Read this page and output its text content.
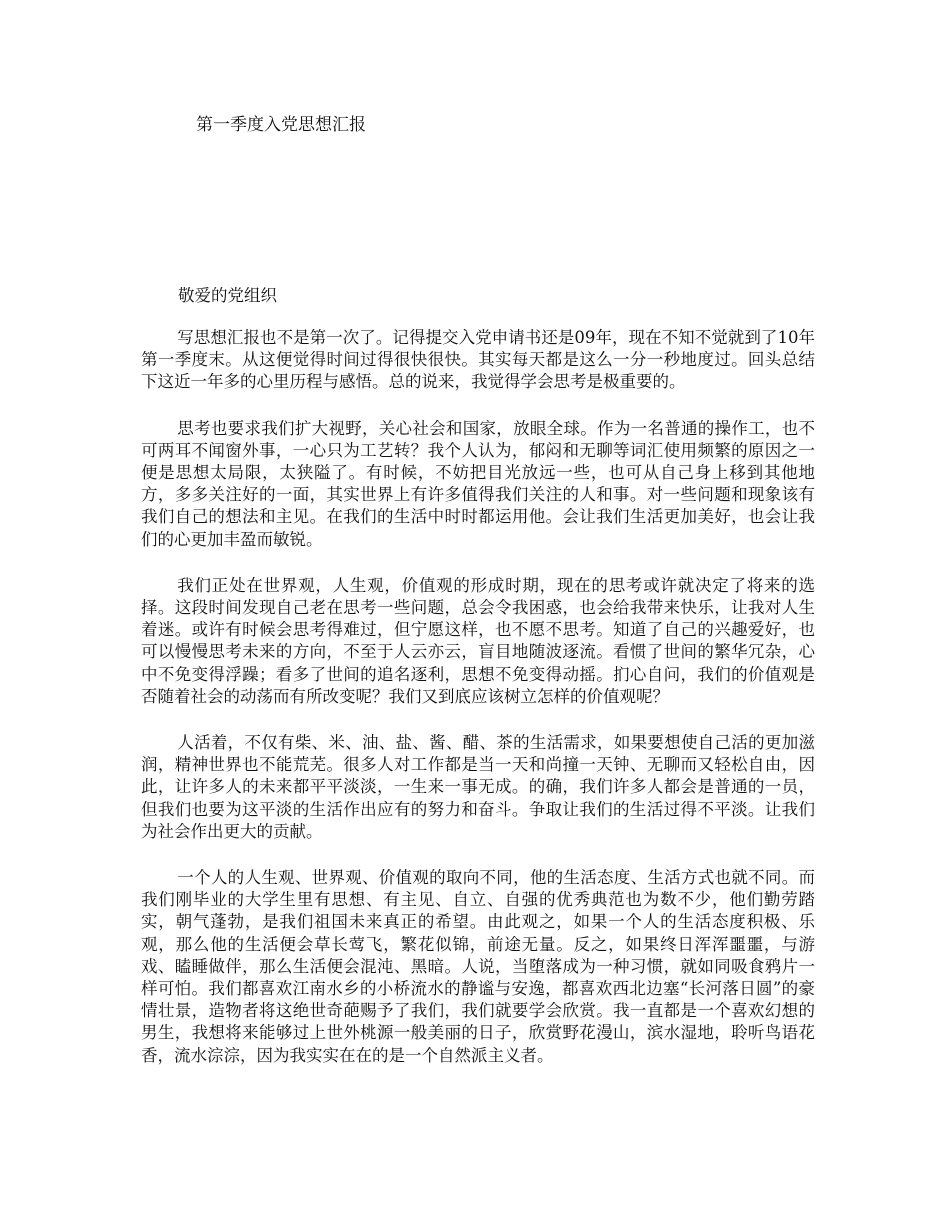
第一季度入党思想汇报
敬爱的党组织

写思想汇报也不是第一次了。记得提交入党申请书还是09年，现在不知不觉就到了10年第一季度末。从这便觉得时间过得很快很快。其实每天都是这么一分一秒地度过。回头总结下这近一年多的心里历程与感悟。总的说来，我觉得学会思考是极重要的。

思考也要求我们扩大视野，关心社会和国家，放眼全球。作为一名普通的操作工，也不可两耳不闻窗外事，一心只为工艺转？我个人认为，郁闷和无聊等词汇使用频繁的原因之一便是思想太局限，太狭隘了。有时候，不妨把目光放远一些，也可从自己身上移到其他地方，多多关注好的一面，其实世界上有许多值得我们关注的人和事。对一些问题和现象该有我们自己的想法和主见。在我们的生活中时时都运用他。会让我们生活更加美好，也会让我们的心更加丰盈而敏锐。

我们正处在世界观，人生观，价值观的形成时期，现在的思考或许就决定了将来的选择。这段时间发现自己老在思考一些问题，总会令我困惑，也会给我带来快乐，让我对人生着迷。或许有时候会思考得难过，但宁愿这样，也不愿不思考。知道了自己的兴趣爱好，也可以慢慢思考未来的方向，不至于人云亦云，盲目地随波逐流。看惯了世间的繁华冗杂，心中不免变得浮躁；看多了世间的追名逐利，思想不免变得动摇。扪心自问，我们的价值观是否随着社会的动荡而有所改变呢？我们又到底应该树立怎样的价值观呢？

人活着，不仅有柴、米、油、盐、酱、醋、茶的生活需求，如果要想使自己活的更加滋润，精神世界也不能荒芜。很多人对工作都是当一天和尚撞一天钟、无聊而又轻松自由，因此，让许多人的未来都平平淡淡，一生来一事无成。的确，我们许多人都会是普通的一员，但我们也要为这平淡的生活作出应有的努力和奋斗。争取让我们的生活过得不平淡。让我们为社会作出更大的贡献。

一个人的人生观、世界观、价值观的取向不同，他的生活态度、生活方式也就不同。而我们刚毕业的大学生里有思想、有主见、自立、自强的优秀典范也为数不少，他们勤劳踏实，朝气蓬勃，是我们祖国未来真正的希望。由此观之，如果一个人的生活态度积极、乐观，那么他的生活便会草长莺飞，繁花似锦，前途无量。反之，如果终日浑浑噩噩，与游戏、瞌睡做伴，那么生活便会混沌、黑暗。人说，当堕落成为一种习惯，就如同吸食鸦片一样可怕。我们都喜欢江南水乡的小桥流水的静谧与安逸，都喜欢西北边塞“长河落日圆”的豪情壮景，造物者将这绝世奇葩赐予了我们，我们就要学会欣赏。我一直都是一个喜欢幻想的男生，我想将来能够过上世外桃源一般美丽的日子，欣赏野花漫山，滨水湿地，聆听鸟语花香，流水淙淙，因为我实实在在的是一个自然派主义者。
